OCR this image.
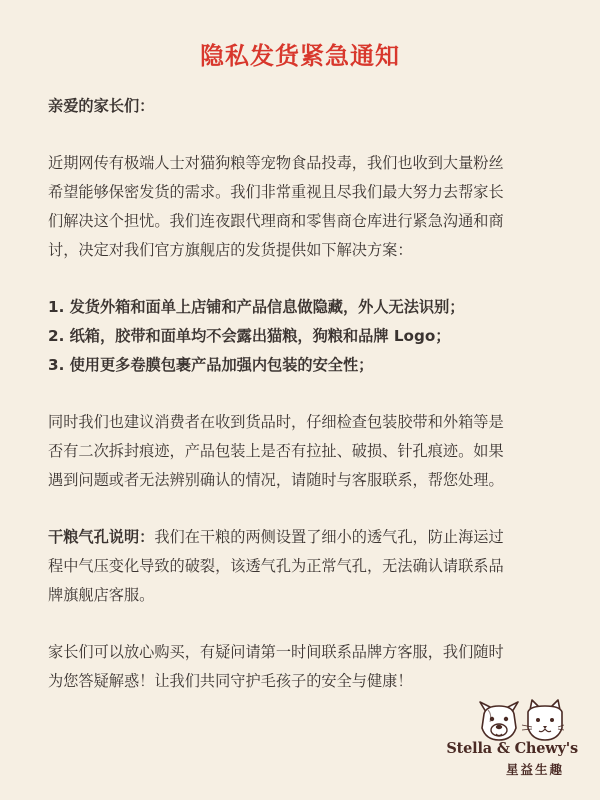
隐私发货紧急通知

亲爱的家长们：

近期网传有极端人士对猫狗粮等宠物食品投毒，我们也收到大量粉丝
希望能够保密发货的需求。我们非常重视且尽我们最大努力去帮家长
们解决这个担忧。我们连夜跟代理商和零售商仓库进行紧急沟通和商
讨，决定对我们官方旗舰店的发货提供如下解决方案：

1. 发货外箱和面单上店铺和产品信息做隐藏，外人无法识别；
2. 纸箱，胶带和面单均不会露出猫粮，狗粮和品牌 Logo；
3. 使用更多卷膜包裹产品加强内包装的安全性；

同时我们也建议消费者在收到货品时，仔细检查包装胶带和外箱等是
否有二次拆封痕迹，产品包装上是否有拉扯、破损、针孔痕迹。如果
遇到问题或者无法辨别确认的情况，请随时与客服联系，帮您处理。

干粮气孔说明：我们在干粮的两侧设置了细小的透气孔，防止海运过
程中气压变化导致的破裂，该透气孔为正常气孔，无法确认请联系品
牌旗舰店客服。

家长们可以放心购买，有疑问请第一时间联系品牌方客服，我们随时
为您答疑解惑！让我们共同守护毛孩子的安全与健康！

Stella & Chewy's
星益生趣
